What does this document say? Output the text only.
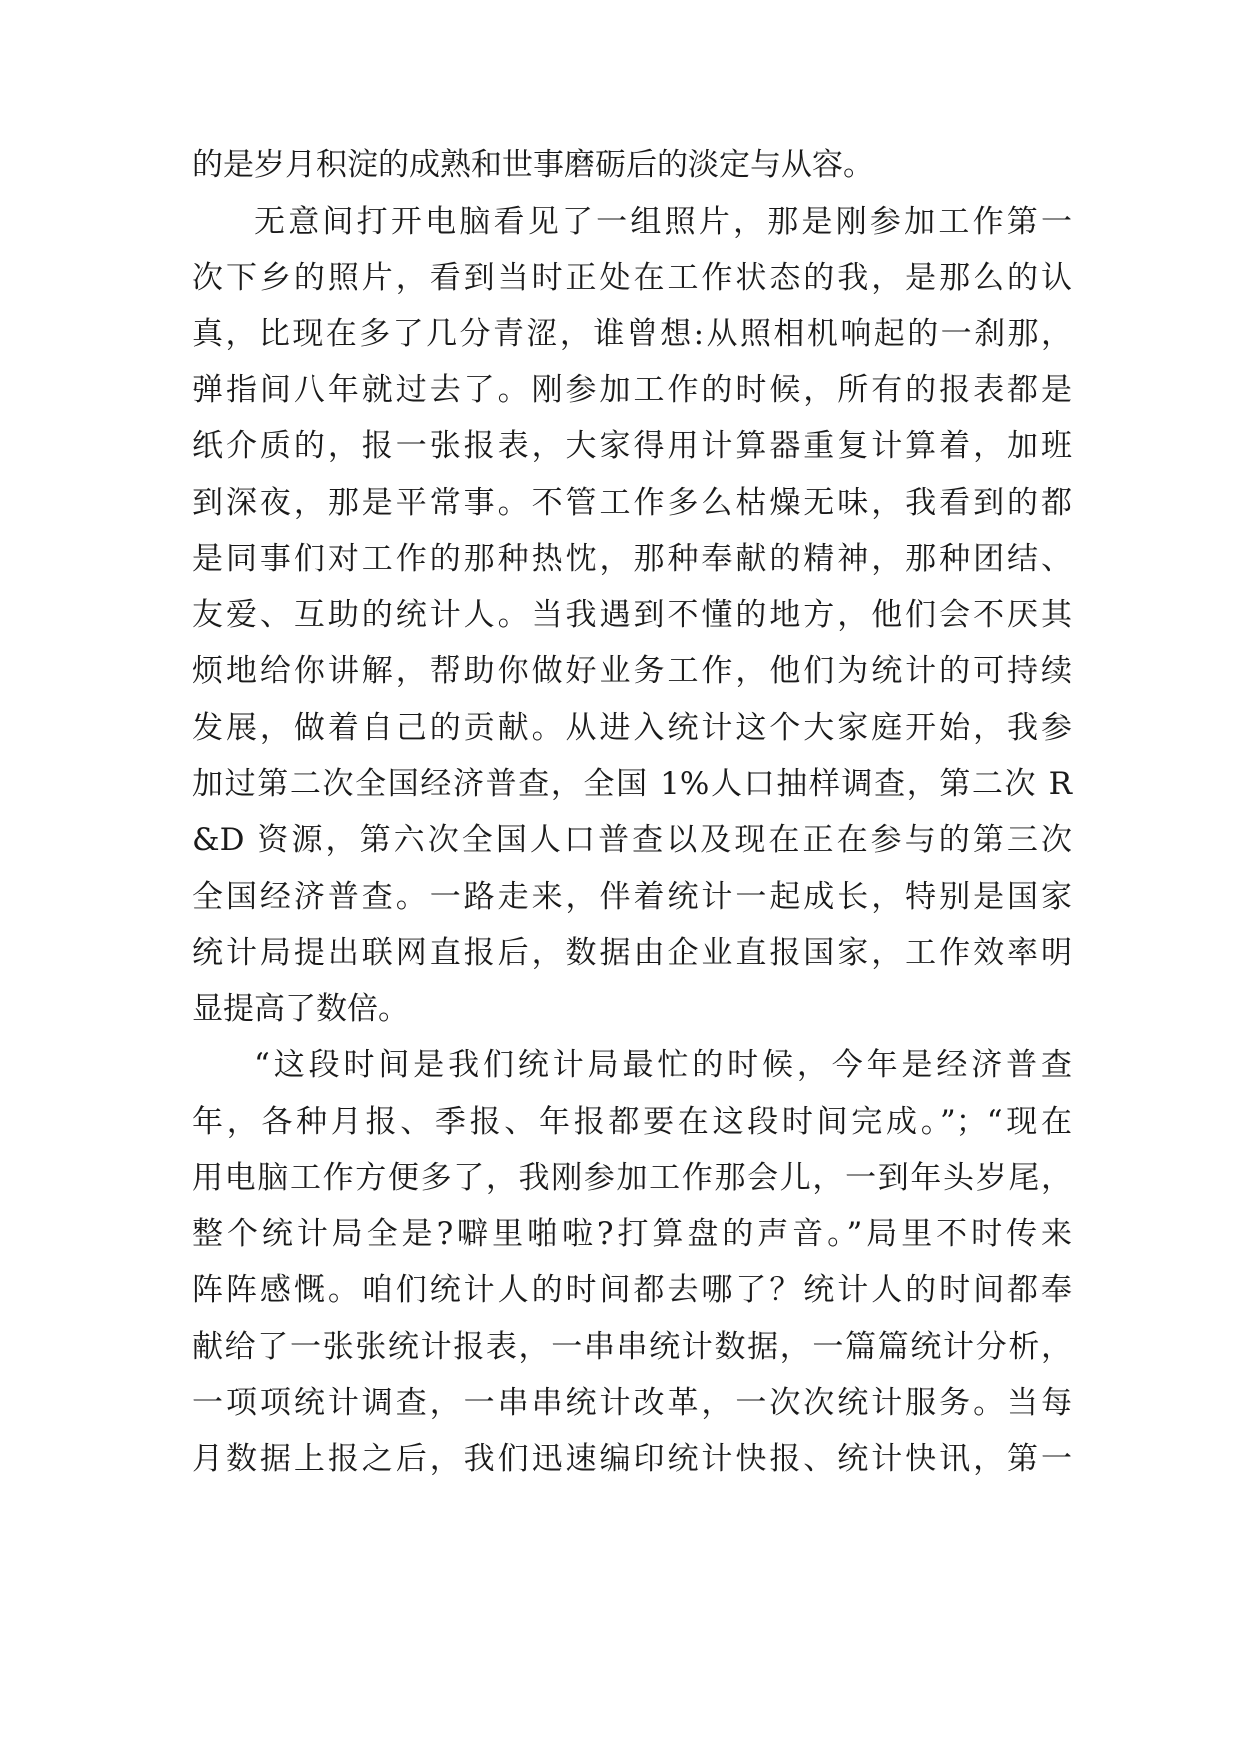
的是岁月积淀的成熟和世事磨砺后的淡定与从容。
无意间打开电脑看见了一组照片，那是刚参加工作第一
次下乡的照片，看到当时正处在工作状态的我，是那么的认
真，比现在多了几分青涩，谁曾想:从照相机响起的一刹那，
弹指间八年就过去了。刚参加工作的时候，所有的报表都是
纸介质的，报一张报表，大家得用计算器重复计算着，加班
到深夜，那是平常事。不管工作多么枯燥无味，我看到的都
是同事们对工作的那种热忱，那种奉献的精神，那种团结、
友爱、互助的统计人。当我遇到不懂的地方，他们会不厌其
烦地给你讲解，帮助你做好业务工作，他们为统计的可持续
发展，做着自己的贡献。从进入统计这个大家庭开始，我参
加过第二次全国经济普查，全国 1%人口抽样调查，第二次 R
&D 资源，第六次全国人口普查以及现在正在参与的第三次
全国经济普查。一路走来，伴着统计一起成长，特别是国家
统计局提出联网直报后，数据由企业直报国家，工作效率明
显提高了数倍。
“这段时间是我们统计局最忙的时候，今年是经济普查
年，各种月报、季报、年报都要在这段时间完成。”；“现在
用电脑工作方便多了，我刚参加工作那会儿，一到年头岁尾，
整个统计局全是?噼里啪啦?打算盘的声音。”局里不时传来
阵阵感慨。咱们统计人的时间都去哪了？统计人的时间都奉
献给了一张张统计报表，一串串统计数据，一篇篇统计分析，
一项项统计调查，一串串统计改革，一次次统计服务。当每
月数据上报之后，我们迅速编印统计快报、统计快讯，第一
